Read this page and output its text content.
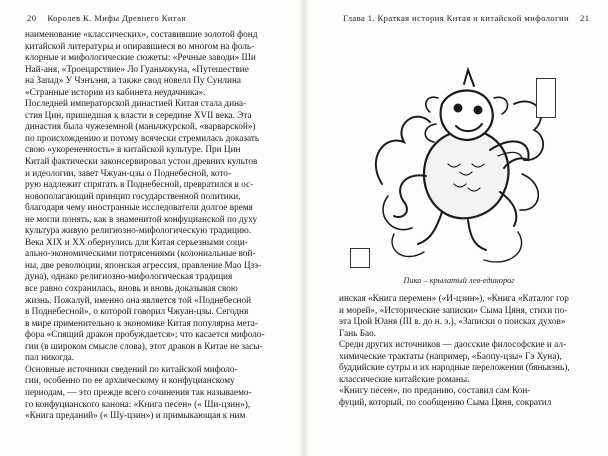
20 Королев К. Мифы Древнего Китая
наименование «классических», составившие золотой фонд
китайской литературы и опиравшиеся во многом на фоль-
клорные и мифологические сюжеты: «Речные заводи» Ши
Най-аня, «Троецарствие» Ло Гуаньчжуна, «Путешествие
на Запад» У Чэнъэня, а также свод новелл Пу Сунлина
«Странные истории из кабинета неудачника».
Последней императорской династией Китая стала дина-
стия Цин, пришедшая к власти в середине XVII века. Эта
династия была чужеземной (маньчжурской, «варварской»)
по происхождению и потому всячески стремилась доказать
свою «укорененность» в китайской культуре. При Цин
Китай фактически законсервировал устои древних культов
и идеологии, завет Чжуан-цзы о Поднебесной, кото-
рую надлежит спрятать в Поднебесной, превратился в ос-
новополагающий принцип государственной политики,
благодаря чему иностранные исследователи долгое время
не могли понять, как в знаменитой конфуцианской по духу
культура живую религиозно-мифологическую традицию.
Века XIX и XX обернулись для Китая серьезными соци-
ально-экономическими потрясениями (колониальные вой-
ны, две революции, японская агрессия, правление Мао Цзэ-
дуна), однако религиозно-мифологическая традиция
все равно сохранилась, вновь и вновь доказывая свою
жизнь. Пожалуй, именно она является той «Поднебесной
в Поднебесной», о которой говорил Чжуан-цзы. Сегодня
в мире применительно к экономике Китая популярна мета-
фора «Спящий дракон пробуждается»; что касается мифоло-
гии (в широком смысле слова), этот дракон в Китае не засы-
пал никогда.
Основные источники сведений по китайской мифоло-
гии, особенно по ее архаическому и конфуцианскому
периодам, — это прежде всего сочинения так называемо-
го конфуцианского канона: «Книга песен» (« Ши-цзин»),
«Книга преданий» (« Шу-цзин») и примыкающая к ним
Глава 1. Краткая история Китая и китайской мифологии 21
Пико – крылатый лев-единорог
инская «Книга перемен» («И-цзин»), «Книга «Каталог гор
и морей», «Исторические записки» Сыма Цяня, стихи по-
эта Цюй Юаня (III в. до н. э.), «Записки о поисках духов»
Гань Бао.
Среди других источников — даосские философские и ал-
химические трактаты (например, «Баопу-цзы» Гэ Хуна),
буддийские сутры и их народные переложения (бяньвэнь),
классические китайские романы.
«Книгу песен», по преданию, составил сам Кон-
фуций, который, по сообщению Сыма Цяня, сократил
